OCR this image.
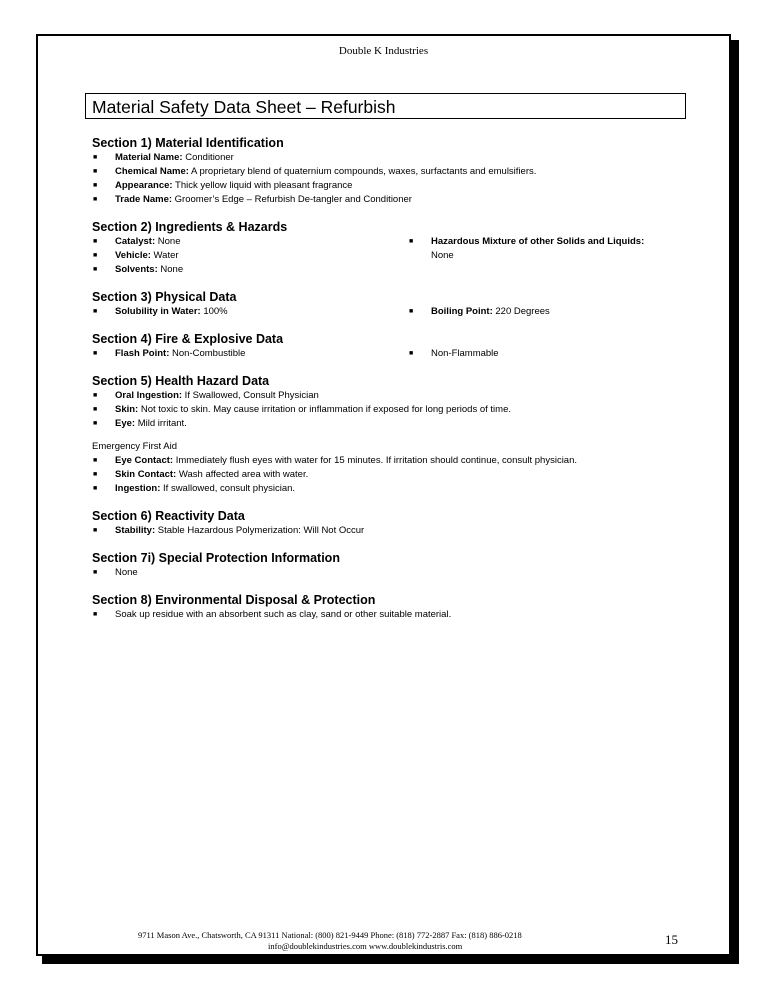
Double K Industries
Material Safety Data Sheet – Refurbish
Section 1) Material Identification
■ Material Name: Conditioner
■ Chemical Name: A proprietary blend of quaternium compounds, waxes, surfactants and emulsifiers.
■ Appearance: Thick yellow liquid with pleasant fragrance
■ Trade Name: Groomer’s Edge – Refurbish De-tangler and Conditioner
Section 2) Ingredients & Hazards
■ Catalyst: None
■ Vehicle: Water
■ Solvents: None
■ Hazardous Mixture of other Solids and Liquids:
None
Section 3) Physical Data
■ Solubility in Water: 100%	■ Boiling Point: 220 Degrees
Section 4) Fire & Explosive Data
■ Flash Point: Non-Combustible	■ Non-Flammable
Section 5) Health Hazard Data
■ Oral Ingestion: If Swallowed, Consult Physician
■ Skin: Not toxic to skin. May cause irritation or inflammation if exposed for long periods of time.
■ Eye: Mild irritant.
Emergency First Aid
■ Eye Contact: Immediately flush eyes with water for 15 minutes. If irritation should continue, consult physician.
■ Skin Contact: Wash affected area with water.
■ Ingestion: If swallowed, consult physician.
Section 6) Reactivity Data
■ Stability: Stable Hazardous Polymerization: Will Not Occur
Section 7i) Special Protection Information
■ None
Section 8) Environmental Disposal & Protection
■ Soak up residue with an absorbent such as clay, sand or other suitable material.
9711 Mason Ave., Chatsworth, CA 91311 National: (800) 821-9449 Phone: (818) 772-2887 Fax: (818) 886-0218
info@doublekindustries.com www.doublekindustris.com	15
